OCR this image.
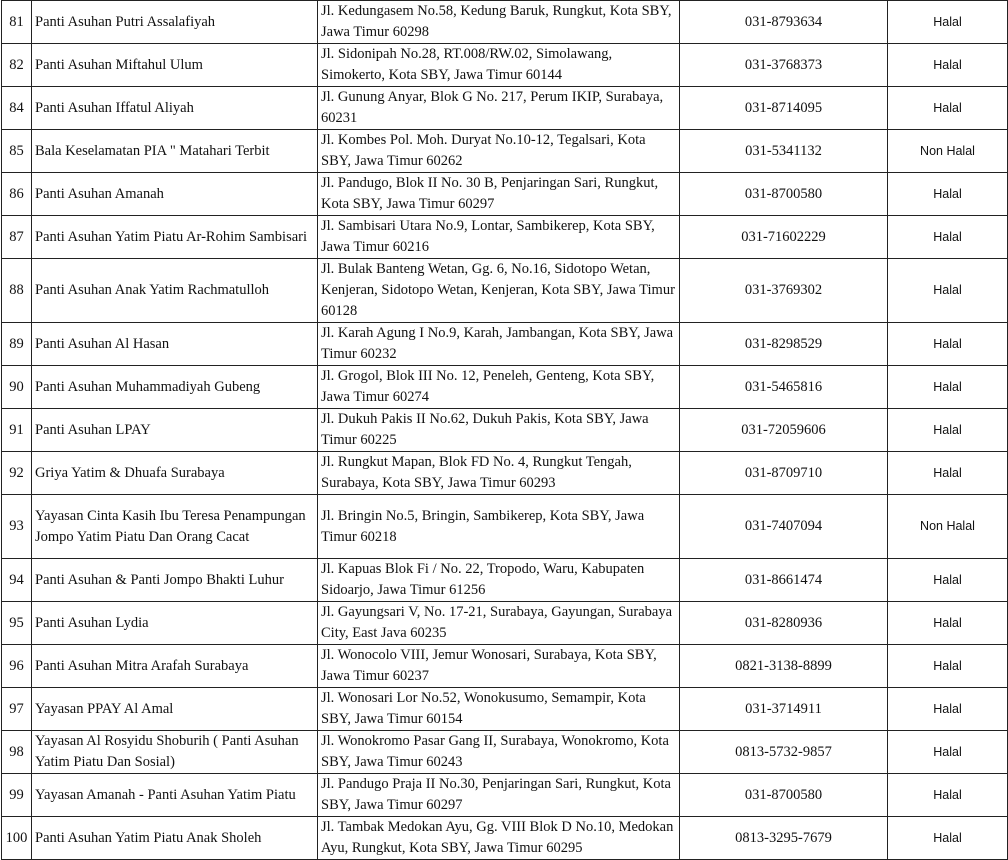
81	Panti Asuhan Putri Assalafiyah	Jl. Kedungasem No.58, Kedung Baruk, Rungkut, Kota SBY, Jawa Timur 60298	031-8793634	Halal
82	Panti Asuhan Miftahul Ulum	Jl. Sidonipah No.28, RT.008/RW.02, Simolawang, Simokerto, Kota SBY, Jawa Timur 60144	031-3768373	Halal
84	Panti Asuhan Iffatul Aliyah	Jl. Gunung Anyar, Blok G No. 217, Perum IKIP, Surabaya, 60231	031-8714095	Halal
85	Bala Keselamatan PIA " Matahari Terbit	Jl. Kombes Pol. Moh. Duryat No.10-12, Tegalsari, Kota SBY, Jawa Timur 60262	031-5341132	Non Halal
86	Panti Asuhan Amanah	Jl. Pandugo, Blok II No. 30 B, Penjaringan Sari, Rungkut, Kota SBY, Jawa Timur 60297	031-8700580	Halal
87	Panti Asuhan Yatim Piatu Ar-Rohim Sambisari	Jl. Sambisari Utara No.9, Lontar, Sambikerep, Kota SBY, Jawa Timur 60216	031-71602229	Halal
88	Panti Asuhan Anak Yatim Rachmatulloh	Jl. Bulak Banteng Wetan, Gg. 6, No.16, Sidotopo Wetan, Kenjeran, Sidotopo Wetan, Kenjeran, Kota SBY, Jawa Timur 60128	031-3769302	Halal
89	Panti Asuhan Al Hasan	Jl. Karah Agung I No.9, Karah, Jambangan, Kota SBY, Jawa Timur 60232	031-8298529	Halal
90	Panti Asuhan Muhammadiyah Gubeng	Jl. Grogol, Blok III No. 12, Peneleh, Genteng, Kota SBY, Jawa Timur 60274	031-5465816	Halal
91	Panti Asuhan LPAY	Jl. Dukuh Pakis II No.62, Dukuh Pakis, Kota SBY, Jawa Timur 60225	031-72059606	Halal
92	Griya Yatim & Dhuafa Surabaya	Jl. Rungkut Mapan, Blok FD No. 4, Rungkut Tengah, Surabaya, Kota SBY, Jawa Timur 60293	031-8709710	Halal
93	Yayasan Cinta Kasih Ibu Teresa Penampungan Jompo Yatim Piatu Dan Orang Cacat	Jl. Bringin No.5, Bringin, Sambikerep, Kota SBY, Jawa Timur 60218	031-7407094	Non Halal
94	Panti Asuhan & Panti Jompo Bhakti Luhur	Jl. Kapuas Blok Fi / No. 22, Tropodo, Waru, Kabupaten Sidoarjo, Jawa Timur 61256	031-8661474	Halal
95	Panti Asuhan Lydia	Jl. Gayungsari V, No. 17-21, Surabaya, Gayungan, Surabaya City, East Java 60235	031-8280936	Halal
96	Panti Asuhan Mitra Arafah Surabaya	Jl. Wonocolo VIII, Jemur Wonosari, Surabaya, Kota SBY, Jawa Timur 60237	0821-3138-8899	Halal
97	Yayasan PPAY Al Amal	Jl. Wonosari Lor No.52, Wonokusumo, Semampir, Kota SBY, Jawa Timur 60154	031-3714911	Halal
98	Yayasan Al Rosyidu Shoburih ( Panti Asuhan Yatim Piatu Dan Sosial)	Jl. Wonokromo Pasar Gang II, Surabaya, Wonokromo, Kota SBY, Jawa Timur 60243	0813-5732-9857	Halal
99	Yayasan Amanah - Panti Asuhan Yatim Piatu	Jl. Pandugo Praja II No.30, Penjaringan Sari, Rungkut, Kota SBY, Jawa Timur 60297	031-8700580	Halal
100	Panti Asuhan Yatim Piatu Anak Sholeh	Jl. Tambak Medokan Ayu, Gg. VIII Blok D No.10, Medokan Ayu, Rungkut, Kota SBY, Jawa Timur 60295	0813-3295-7679	Halal
